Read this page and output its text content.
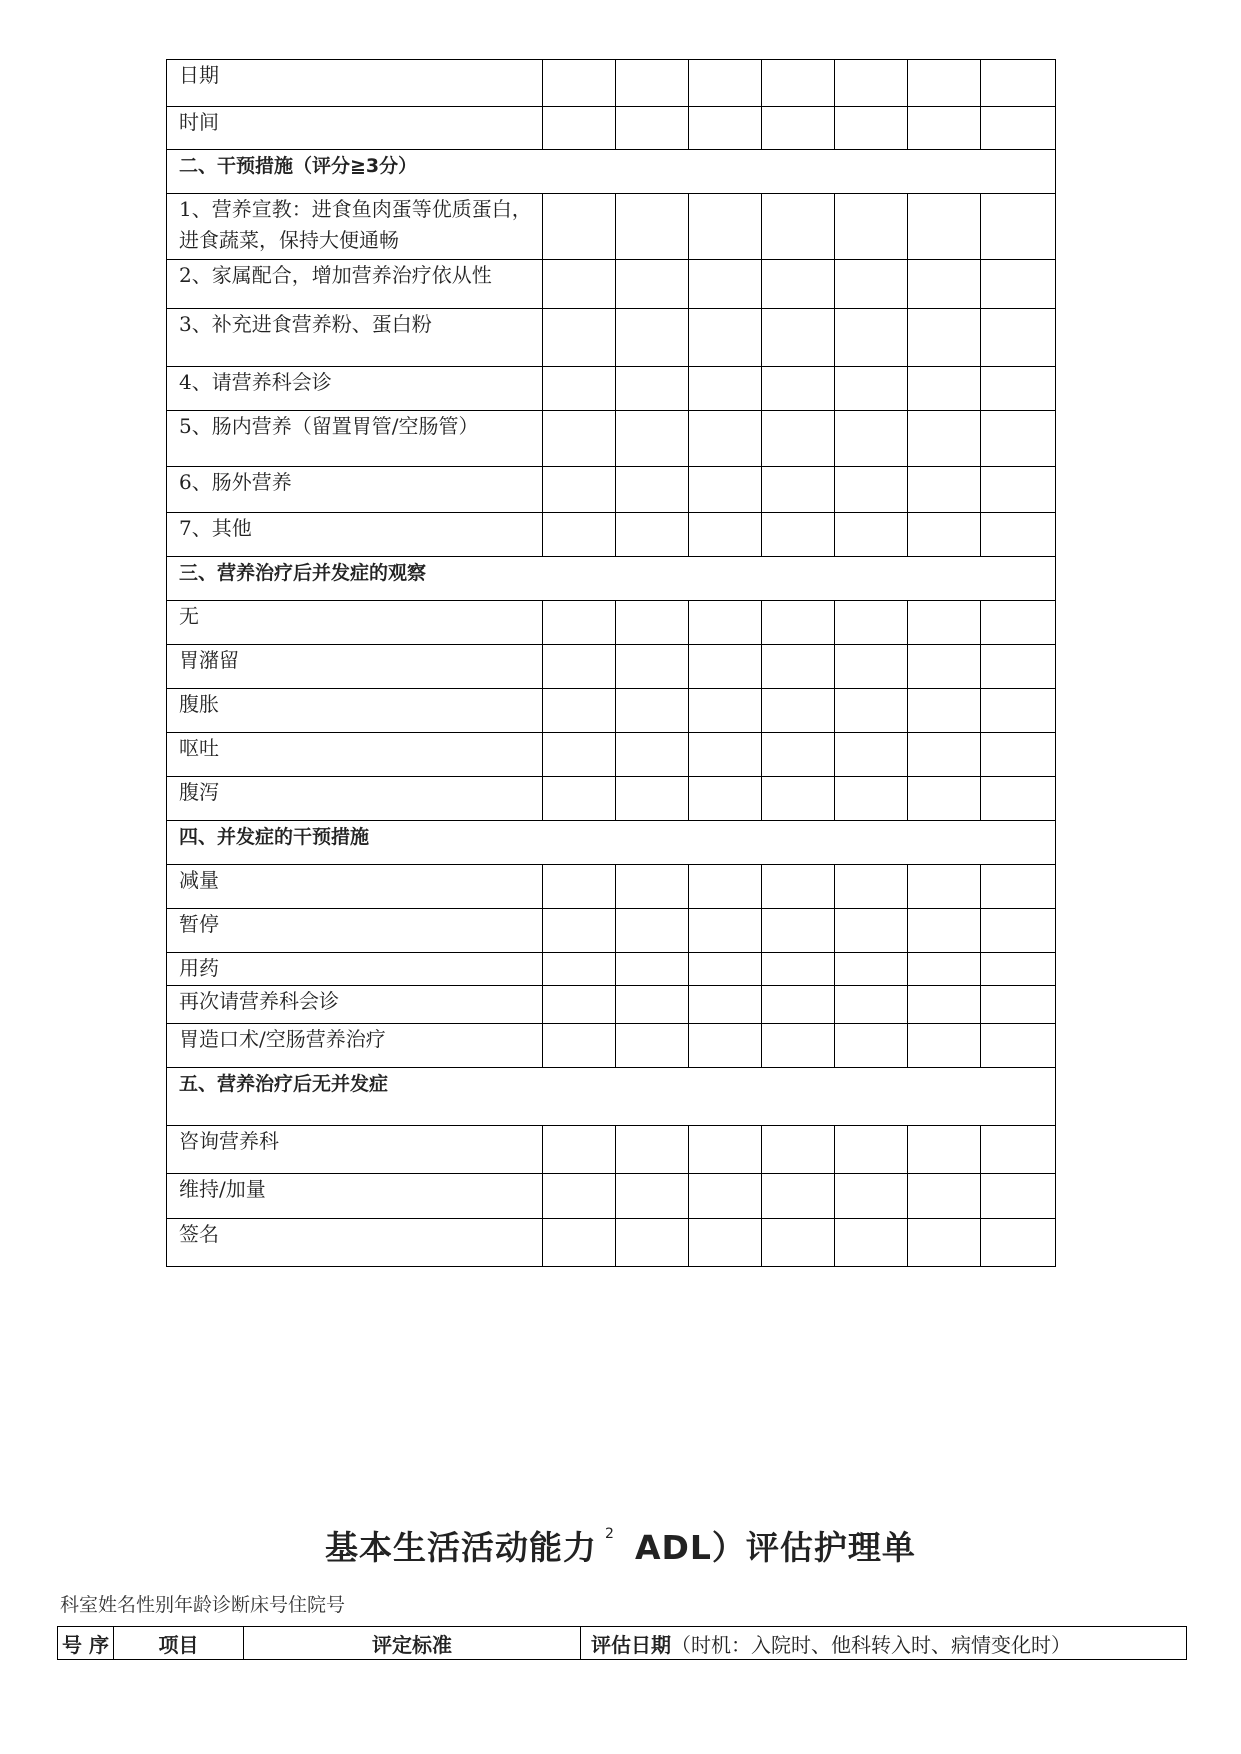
日期							
时间							
二、干预措施（评分≧3分）							
1、营养宣教：进食鱼肉蛋等优质蛋白，进食蔬菜，保持大便通畅							
2、家属配合，增加营养治疗依从性							
3、补充进食营养粉、蛋白粉							
4、请营养科会诊							
5、肠内营养（留置胃管/空肠管）							
6、肠外营养							
7、其他							
三、营养治疗后并发症的观察							
无							
胃潴留							
腹胀							
呕吐							
腹泻							
四、并发症的干预措施							
减量							
暂停							
用药							
再次请营养科会诊							
胃造口术/空肠营养治疗							
五、营养治疗后无并发症							
咨询营养科							
维持/加量							
签名							
基本生活活动能力 $^2$ ADL）评估护理单
科室姓名性别年龄诊断床号住院号
号 序	项目	评定标准	评估日期（时机：入院时、他科转入时、病情变化时）
